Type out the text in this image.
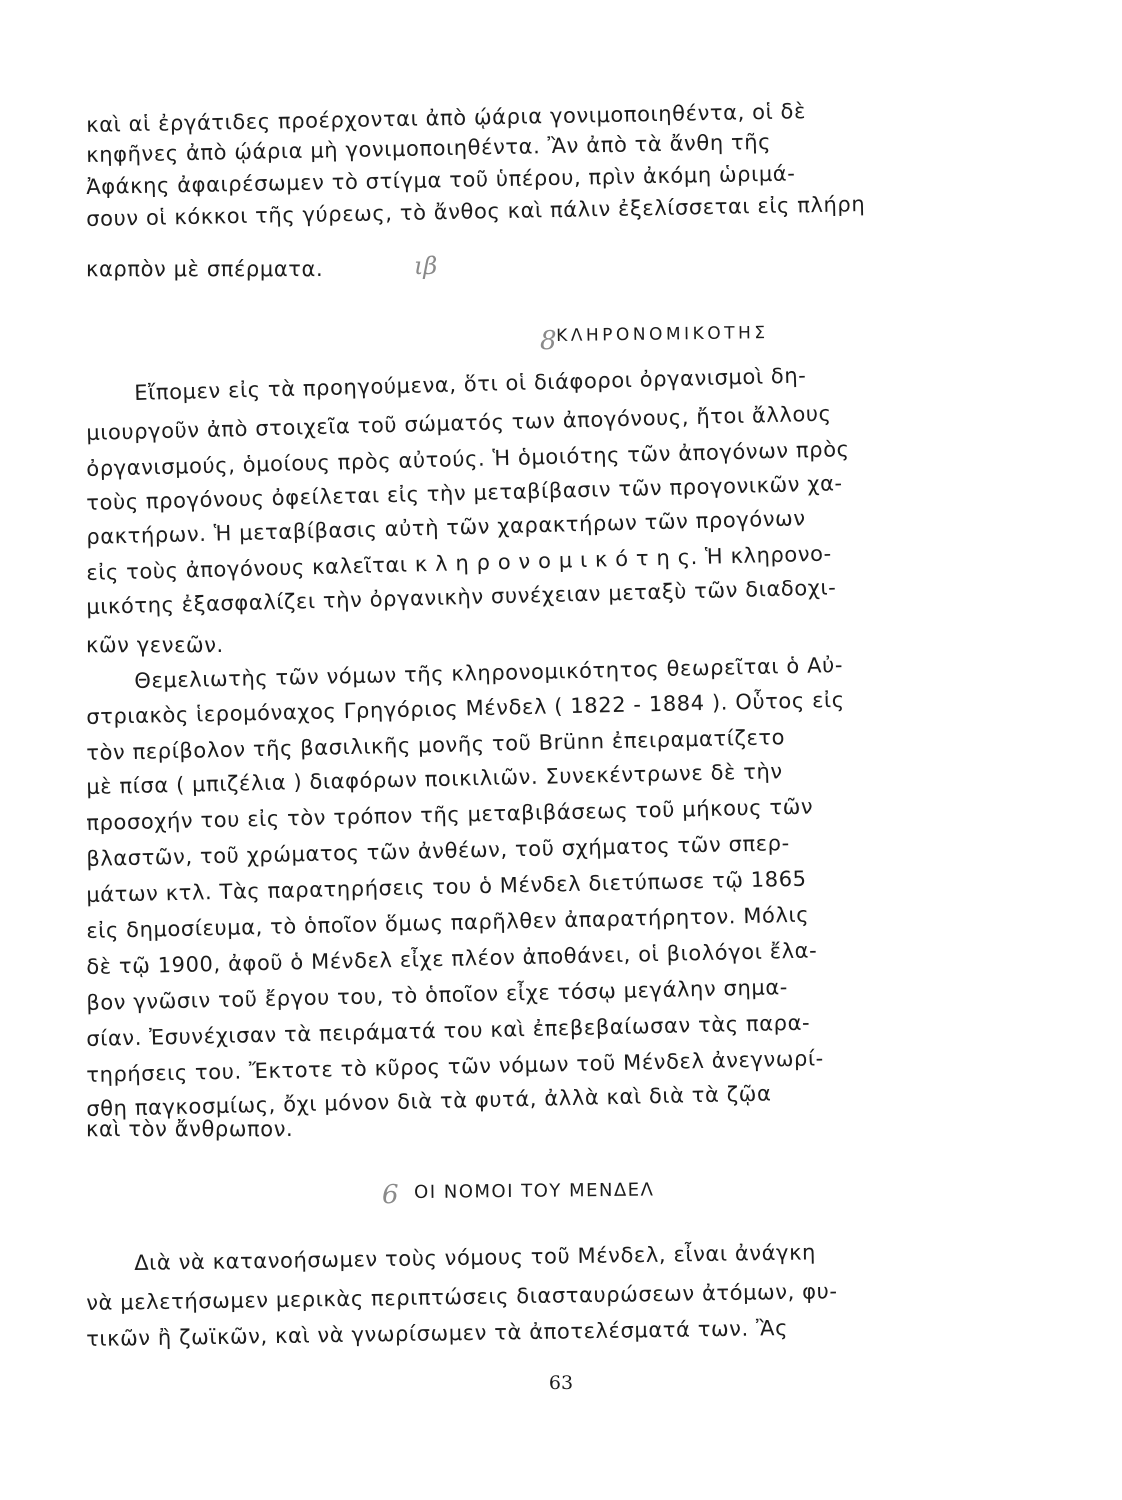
καὶ αἱ ἐργάτιδες προέρχονται ἀπὸ ῴάρια γονιμοποιηθέντα, οἱ δὲ
κηφῆνες ἀπὸ ῴάρια μὴ γονιμοποιηθέντα. Ἂν ἀπὸ τὰ ἄνθη τῆς
Ἀφάκης ἀφαιρέσωμεν τὸ στίγμα τοῦ ὑπέρου, πρὶν ἀκόμη ὡριμά-
σουν οἱ κόκκοι τῆς γύρεως, τὸ ἄνθος καὶ πάλιν ἐξελίσσεται εἰς πλήρη
καρπὸν μὲ σπέρματα.	ιβ
8 ΚΛΗΡΟΝΟΜΙΚΟΤΗΣ
Εἴπομεν εἰς τὰ προηγούμενα, ὅτι οἱ διάφοροι ὀργανισμοὶ δη-
μιουργοῦν ἀπὸ στοιχεῖα τοῦ σώματός των ἀπογόνους, ἤτοι ἄλλους
ὀργανισμούς, ὁμοίους πρὸς αὐτούς. Ἡ ὁμοιότης τῶν ἀπογόνων πρὸς
τοὺς προγόνους ὀφείλεται εἰς τὴν μεταβίβασιν τῶν προγονικῶν χα-
ρακτήρων. Ἡ μεταβίβασις αὐτὴ τῶν χαρακτήρων τῶν προγόνων
εἰς τοὺς ἀπογόνους καλεῖται κ λ η ρ ο ν ο μ ι κ ό τ η ς. Ἡ κληρονο-
μικότης ἐξασφαλίζει τὴν ὀργανικὴν συνέχειαν μεταξὺ τῶν διαδοχι-
κῶν γενεῶν.
Θεμελιωτὴς τῶν νόμων τῆς κληρονομικότητος θεωρεῖται ὁ Αὐ-
στριακὸς ἱερομόναχος Γρηγόριος Μένδελ ( 1822 - 1884 ). Οὗτος εἰς
τὸν περίβολον τῆς βασιλικῆς μονῆς τοῦ Brünn ἐπειραματίζετο
μὲ πίσα ( μπιζέλια ) διαφόρων ποικιλιῶν. Συνεκέντρωνε δὲ τὴν
προσοχήν του εἰς τὸν τρόπον τῆς μεταβιβάσεως τοῦ μήκους τῶν
βλαστῶν, τοῦ χρώματος τῶν ἀνθέων, τοῦ σχήματος τῶν σπερ-
μάτων κτλ. Τὰς παρατηρήσεις του ὁ Μένδελ διετύπωσε τῷ 1865
εἰς δημοσίευμα, τὸ ὁποῖον ὅμως παρῆλθεν ἀπαρατήρητον. Μόλις
δὲ τῷ 1900, ἀφοῦ ὁ Μένδελ εἶχε πλέον ἀποθάνει, οἱ βιολόγοι ἔλα-
βον γνῶσιν τοῦ ἔργου του, τὸ ὁποῖον εἶχε τόσῳ μεγάλην σημα-
σίαν. Ἐσυνέχισαν τὰ πειράματά του καὶ ἐπεβεβαίωσαν τὰς παρα-
τηρήσεις του. Ἔκτοτε τὸ κῦρος τῶν νόμων τοῦ Μένδελ ἀνεγνωρί-
σθη παγκοσμίως, ὄχι μόνον διὰ τὰ φυτά, ἀλλὰ καὶ διὰ τὰ ζῷα
καὶ τὸν ἄνθρωπον.
6 ΟΙ ΝΟΜΟΙ ΤΟΥ ΜΕΝΔΕΛ
Διὰ νὰ κατανοήσωμεν τοὺς νόμους τοῦ Μένδελ, εἶναι ἀνάγκη
νὰ μελετήσωμεν μερικὰς περιπτώσεις διασταυρώσεων ἀτόμων, φυ-
τικῶν ἢ ζωϊκῶν, καὶ νὰ γνωρίσωμεν τὰ ἀποτελέσματά των. Ἂς
63
